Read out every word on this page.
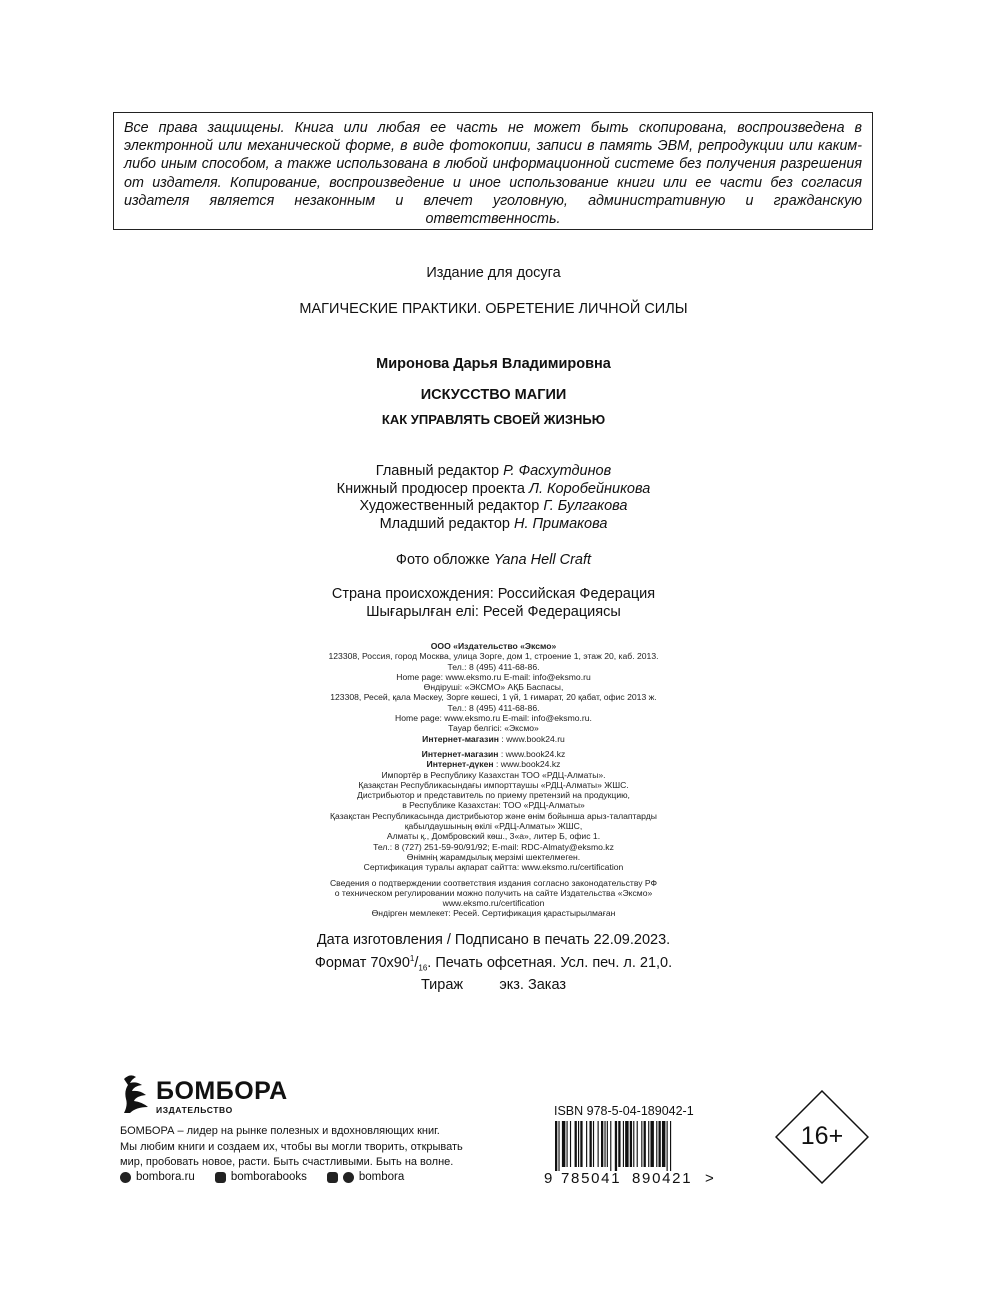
Все права защищены. Книга или любая ее часть не может быть скопирована, воспроизведена в электронной или механической форме, в виде фотокопии, записи в память ЭВМ, репродукции или каким-либо иным способом, а также использована в любой информационной системе без получения разрешения от издателя. Копирование, воспроизведение и иное использование книги или ее части без согласия издателя является незаконным и влечет уголовную, административную и гражданскую ответственность.
Издание для досуга
МАГИЧЕСКИЕ ПРАКТИКИ. ОБРЕТЕНИЕ ЛИЧНОЙ СИЛЫ
Миронова Дарья Владимировна
ИСКУССТВО МАГИИ
КАК УПРАВЛЯТЬ СВОЕЙ ЖИЗНЬЮ
Главный редактор Р. Фасхутдинов
Книжный продюсер проекта Л. Коробейникова
Художественный редактор Г. Булгакова
Младший редактор Н. Примакова
Фото обложке Yana Hell Craft
Страна происхождения: Российская Федерация
Шығарылған елі: Ресей Федерациясы
ООО «Издательство «Эксмо»
123308, Россия, город Москва, улица Зорге, дом 1, строение 1, этаж 20, каб. 2013.
Тел.: 8 (495) 411-68-86.
Home page: www.eksmo.ru E-mail: info@eksmo.ru
Өндіруші: «ЭКСМО» АҚБ Баспасы,
123308, Ресей, қала Мәскеу, Зорге көшесі, 1 үй, 1 ғимарат, 20 қабат, офис 2013 ж.
Тел.: 8 (495) 411-68-86.
Home page: www.eksmo.ru E-mail: info@eksmo.ru.
Тауар белгісі: «Эксмо»
Интернет-магазин : www.book24.ru
Интернет-магазин : www.book24.kz
Интернет-дүкен : www.book24.kz
Импортёр в Республику Казахстан ТОО «РДЦ-Алматы».
Қазақстан Республикасындағы импорттаушы «РДЦ-Алматы» ЖШС.
Дистрибьютор и представитель по приему претензий на продукцию,
в Республике Казахстан: ТОО «РДЦ-Алматы»
Қазақстан Республикасында дистрибьютор және өнім бойынша арыз-талаптарды
қабылдаушының өкілі «РДЦ-Алматы» ЖШС,
Алматы қ., Домбровский көш., 3«а», литер Б, офис 1.
Тел.: 8 (727) 251-59-90/91/92; E-mail: RDC-Almaty@eksmo.kz
Өнімнің жарамдылық мерзімі шектелмеген.
Сертификация туралы ақпарат сайтта: www.eksmo.ru/certification
Сведения о подтверждении соответствия издания согласно законодательству РФ
о техническом регулировании можно получить на сайте Издательства «Эксмо»
www.eksmo.ru/certification
Өндірген мемлекет: Ресей. Сертификация қарастырылмаған
Дата изготовления / Подписано в печать 22.09.2023.
Формат $70x90^1/_{16}$. Печать офсетная. Усл. печ. л. 21,0.
Тираж	экз. Заказ
БОМБОРА
ИЗДАТЕЛЬСТВО
БОМБОРА – лидер на рынке полезных и вдохновляющих книг.
Мы любим книги и создаем их, чтобы вы могли творить, открывать
мир, пробовать новое, расти. Быть счастливыми. Быть на волне.
bombora.ru	bomborabooks	bombora
ISBN 978-5-04-189042-1
9 785041 890421 >
16+
